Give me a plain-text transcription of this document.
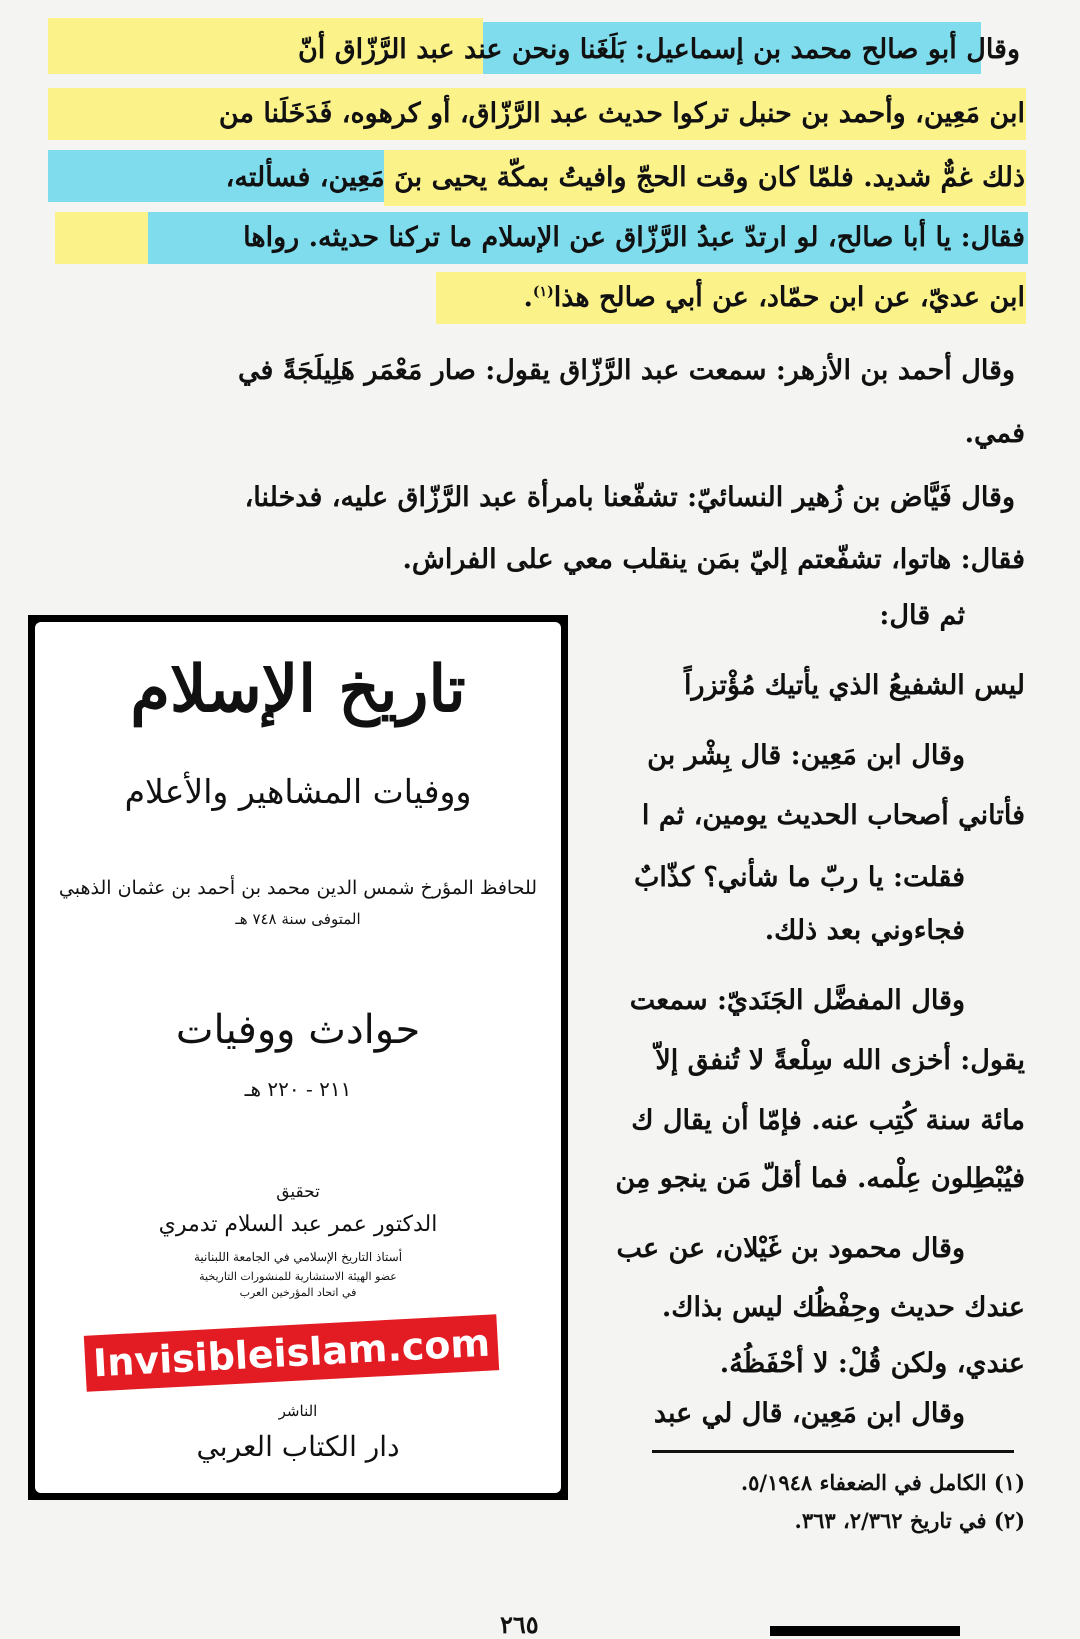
وقال أبو صالح محمد بن إسماعيل: بَلَغَنا ونحن عند عبد الرَّزّاق أنّ
ابن مَعِين، وأحمد بن حنبل تركوا حديث عبد الرَّزّاق، أو كرهوه، فَدَخَلَنا من
ذلك غمٌّ شديد. فلمّا كان وقت الحجّ وافيتُ بمكّة يحيى بنَ مَعِين، فسألته،
فقال: يا أبا صالح، لو ارتدّ عبدُ الرَّزّاق عن الإسلام ما تركنا حديثه. رواها
ابن عديّ، عن ابن حمّاد، عن أبي صالح هذا$^{(١)}$.
وقال أحمد بن الأزهر: سمعت عبد الرَّزّاق يقول: صار مَعْمَر هَلِيلَجَةً في
فمي.
وقال فَيَّاض بن زُهير النسائيّ: تشفّعنا بامرأة عبد الرَّزّاق عليه، فدخلنا،
فقال: هاتوا، تشفّعتم إليّ بمَن ينقلب معي على الفراش.
ثم قال:
ليس الشفيعُ الذي يأتيك مُؤْتزراً
وقال ابن مَعِين: قال بِشْر بن
فأتاني أصحاب الحديث يومين، ثم ا
فقلت: يا ربّ ما شأني؟ كذّابٌ
فجاءوني بعد ذلك.
وقال المفضَّل الجَنَديّ: سمعت
يقول: أخزى الله سِلْعةً لا تُنفق إلاّ
مائة سنة كُتِب عنه. فإمّا أن يقال ك
فيُبْطِلون عِلْمه. فما أقلّ مَن ينجو مِن
وقال محمود بن غَيْلان، عن عب
عندك حديث وحِفْظُك ليس بذاك.
عندي، ولكن قُلْ: لا أحْفَظُهُ.
وقال ابن مَعِين، قال لي عبد
(١) الكامل في الضعفاء ٥/١٩٤٨.
(٢) في تاريخ ٢/٣٦٢، ٣٦٣.
٢٦٥
تاريخ الإسلام
ووفيات المشاهير والأعلام
للحافظ المؤرخ شمس الدين محمد بن أحمد بن عثمان الذهبي
المتوفى سنة ٧٤٨ هـ
حوادث ووفيات
٢١١ - ٢٢٠ هـ
تحقيق
الدكتور عمر عبد السلام تدمري
أستاذ التاريخ الإسلامي في الجامعة اللبنانية
عضو الهيئة الاستشارية للمنشورات التاريخية
في اتحاد المؤرخين العرب
الناشر
دار الكتاب العربي
Invisibleislam.com
